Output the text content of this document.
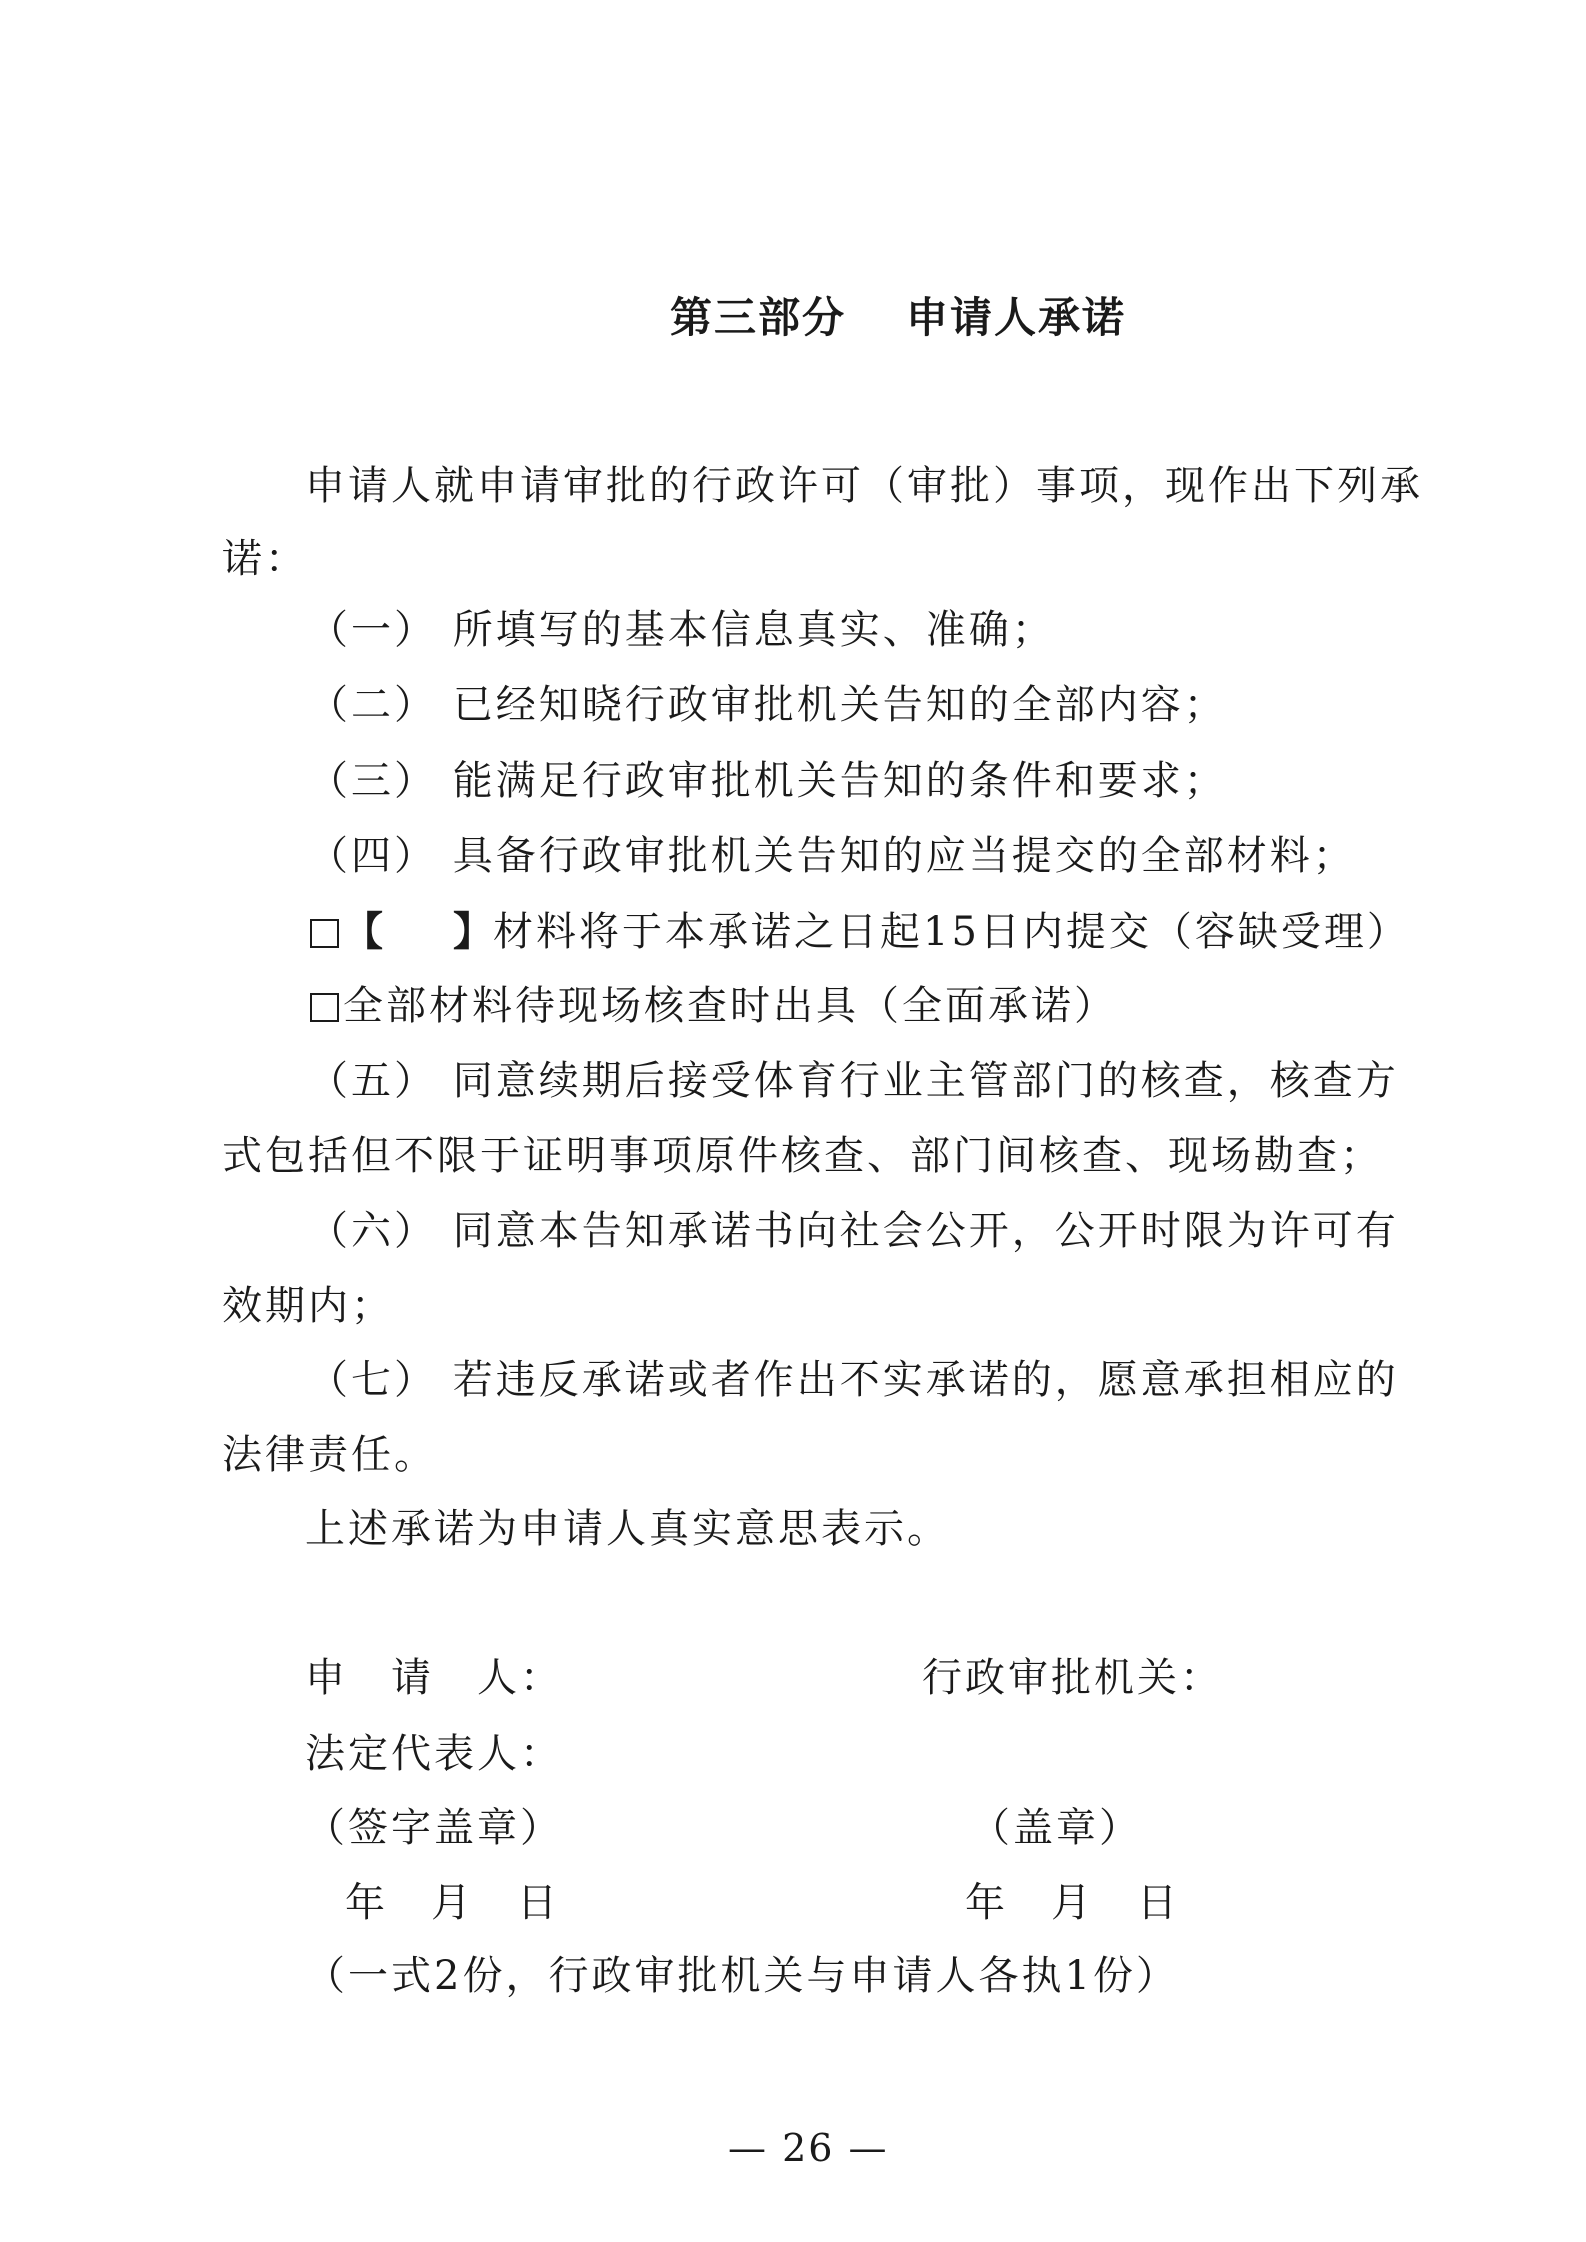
第三部分 申请人承诺

申请人就申请审批的行政许可（审批）事项，现作出下列承

诺：

（一） 所填写的基本信息真实、准确；

（二） 已经知晓行政审批机关告知的全部内容；

（三） 能满足行政审批机关告知的条件和要求；

（四） 具备行政审批机关告知的应当提交的全部材料；

【 】材料将于本承诺之日起15日内提交（容缺受理）

全部材料待现场核查时出具（全面承诺）

（五） 同意续期后接受体育行业主管部门的核查，核查方

式包括但不限于证明事项原件核查、部门间核查、现场勘查；

（六） 同意本告知承诺书向社会公开，公开时限为许可有

效期内；

（七） 若违反承诺或者作出不实承诺的，愿意承担相应的

法律责任。

上述承诺为申请人真实意思表示。

申　请　人：	行政审批机关：

法定代表人：

（签字盖章）	（盖章）

年　月　日	年　月　日

（一式2份，行政审批机关与申请人各执1份）

— 26 —
